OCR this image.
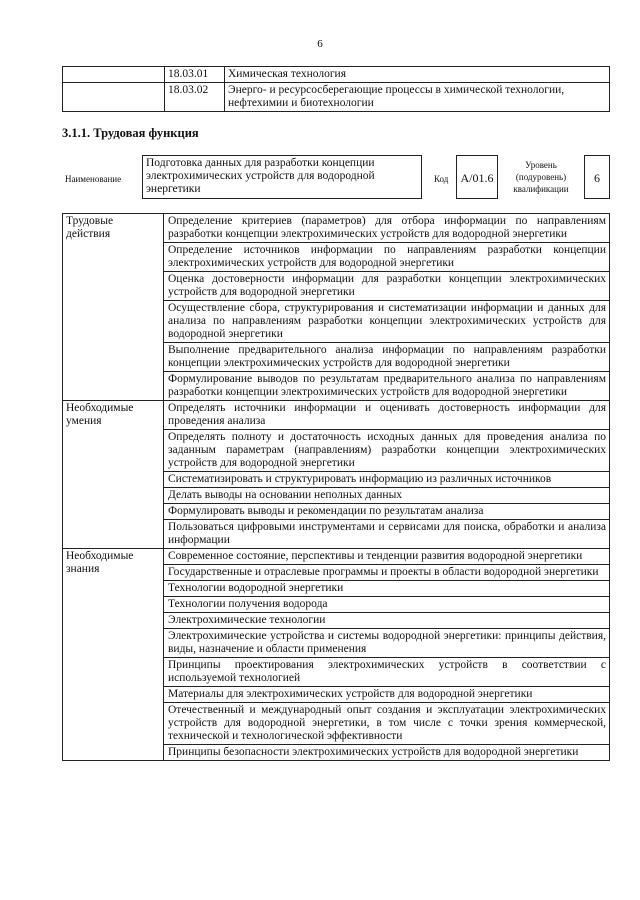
6
	18.03.01	Химическая технология
	18.03.02	Энерго- и ресурсосберегающие процессы в химической технологии, нефтехимии и биотехнологии
3.1.1. Трудовая функция
Наименование
Подготовка данных для разработки концепции электрохимических устройств для водородной энергетики
Код	A/01.6
Уровень (подуровень) квалификации
6
Трудовые действия	Определение критериев (параметров) для отбора информации по направлениям разработки концепции электрохимических устройств для водородной энергетики
	Определение источников информации по направлениям разработки концепции электрохимических устройств для водородной энергетики
	Оценка достоверности информации для разработки концепции электрохимических устройств для водородной энергетики
	Осуществление сбора, структурирования и систематизации информации и данных для анализа по направлениям разработки концепции электрохимических устройств для водородной энергетики
	Выполнение предварительного анализа информации по направлениям разработки концепции электрохимических устройств для водородной энергетики
	Формулирование выводов по результатам предварительного анализа по направлениям разработки концепции электрохимических устройств для водородной энергетики
Необходимые умения	Определять источники информации и оценивать достоверность информации для проведения анализа
	Определять полноту и достаточность исходных данных для проведения анализа по заданным параметрам (направлениям) разработки концепции электрохимических устройств для водородной энергетики
	Систематизировать и структурировать информацию из различных источников
	Делать выводы на основании неполных данных
	Формулировать выводы и рекомендации по результатам анализа
	Пользоваться цифровыми инструментами и сервисами для поиска, обработки и анализа информации
Необходимые знания	Современное состояние, перспективы и тенденции развития водородной энергетики
	Государственные и отраслевые программы и проекты в области водородной энергетики
	Технологии водородной энергетики
	Технологии получения водорода
	Электрохимические технологии
	Электрохимические устройства и системы водородной энергетики: принципы действия, виды, назначение и области применения
	Принципы проектирования электрохимических устройств в соответствии с используемой технологией
	Материалы для электрохимических устройств для водородной энергетики
	Отечественный и международный опыт создания и эксплуатации электрохимических устройств для водородной энергетики, в том числе с точки зрения коммерческой, технической и технологической эффективности
	Принципы безопасности электрохимических устройств для водородной энергетики
